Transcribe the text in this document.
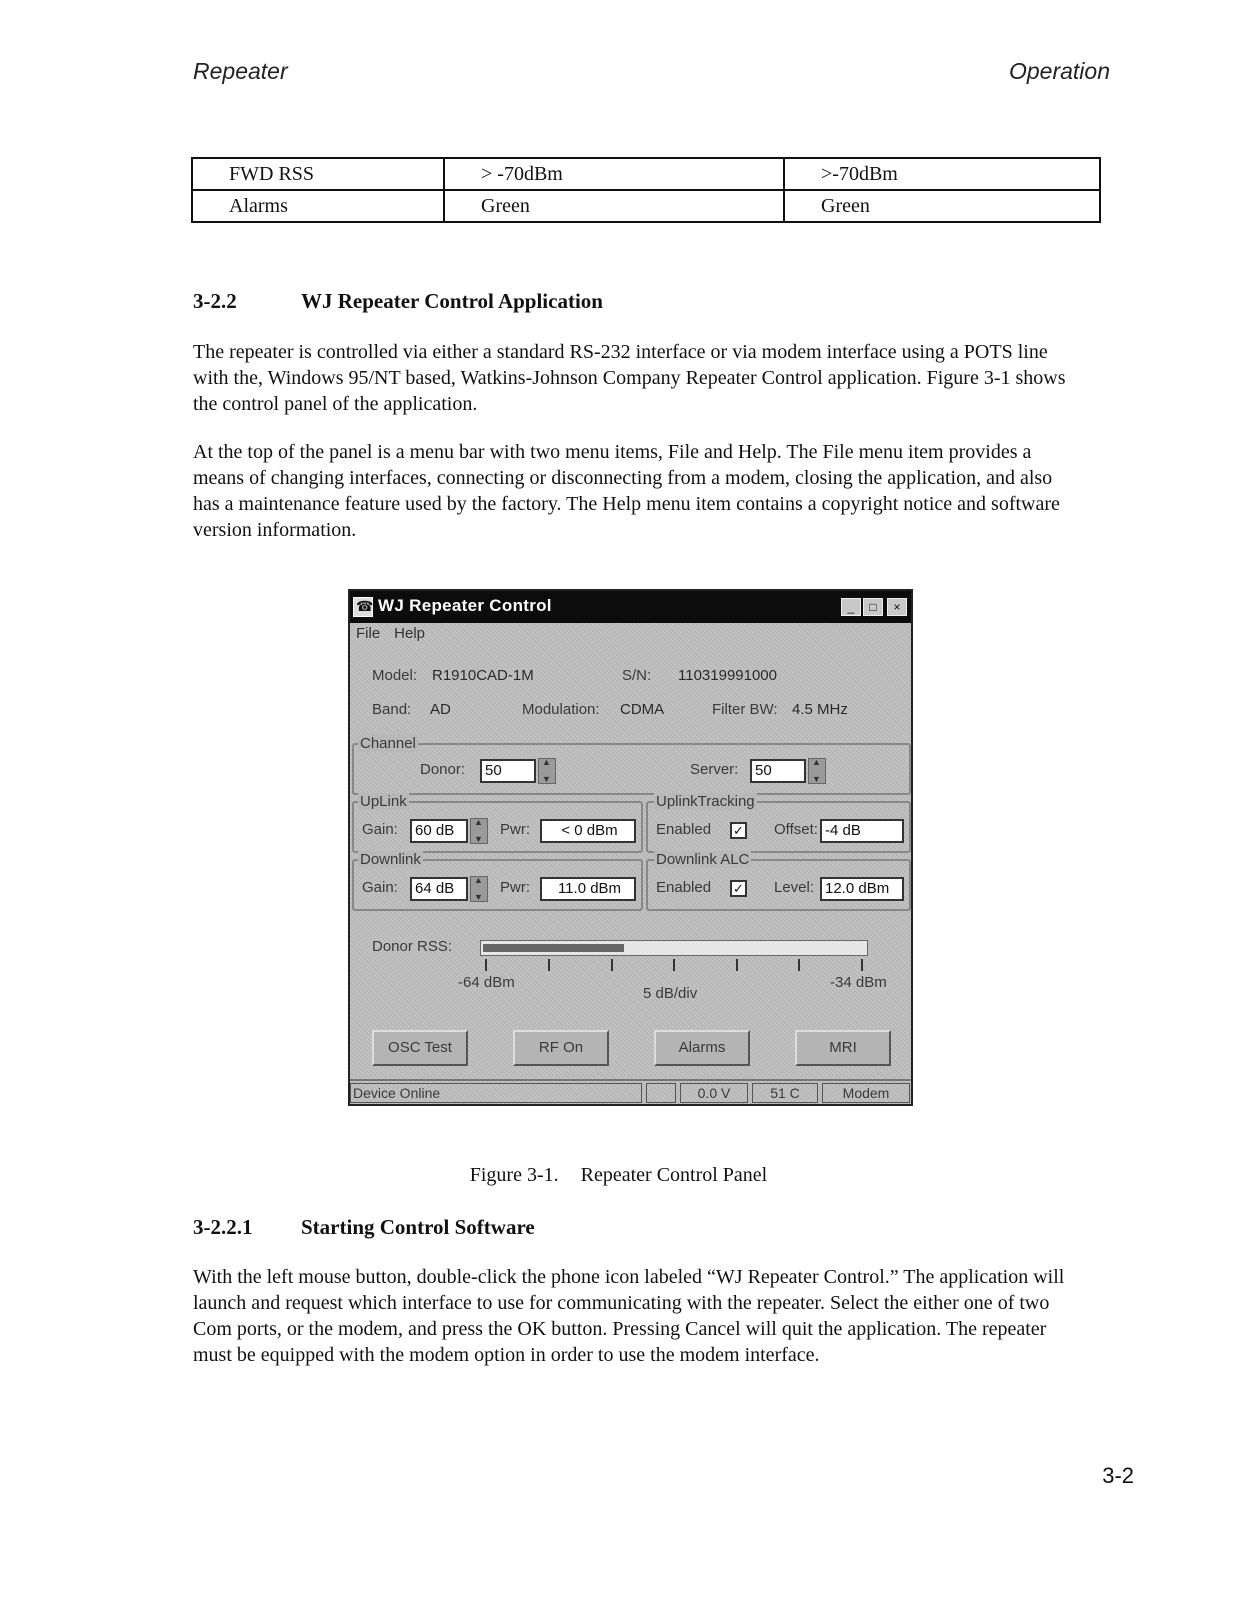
Repeater	Operation
FWD RSS	> -70dBm	>-70dBm
Alarms	Green	Green
3-2.2	WJ Repeater Control Application

The repeater is controlled via either a standard RS-232 interface or via modem interface using a POTS line with the, Windows 95/NT based, Watkins-Johnson Company Repeater Control application. Figure 3-1 shows the control panel of the application.

At the top of the panel is a menu bar with two menu items, File and Help. The File menu item provides a means of changing interfaces, connecting or disconnecting from a modem, closing the application, and also has a maintenance feature used by the factory. The Help menu item contains a copyright notice and software version information.

☎
WJ Repeater Control	_	□	×
File Help
Model: R1910CAD-1M	S/N: 110319991000
Band: AD	Modulation: CDMA	Filter BW: 4.5 MHz
Channel
Donor:	50 ▲ ▼	Server:	50
▲ ▼
UpLink
Gain:	60 dB ▲ ▼	Pwr:	< 0 dBm
UplinkTracking
Enabled ✓ Offset: -4 dB
Downlink
Gain:	64 dB ▲ ▼	Pwr:	11.0 dBm
Downlink ALC
Enabled ✓ Level: 12.0 dBm
Donor RSS:
-64 dBm
5 dB/div
-34 dBm
OSC Test	RF On	Alarms	MRI
Device Online	0.0 V	51 C	Modem
Figure 3-1. Repeater Control Panel
3-2.2.1 Starting Control Software

With the left mouse button, double-click the phone icon labeled “WJ Repeater Control.” The application will launch and request which interface to use for communicating with the repeater. Select the either one of two Com ports, or the modem, and press the OK button. Pressing Cancel will quit the application. The repeater must be equipped with the modem option in order to use the modem interface.

3-2
